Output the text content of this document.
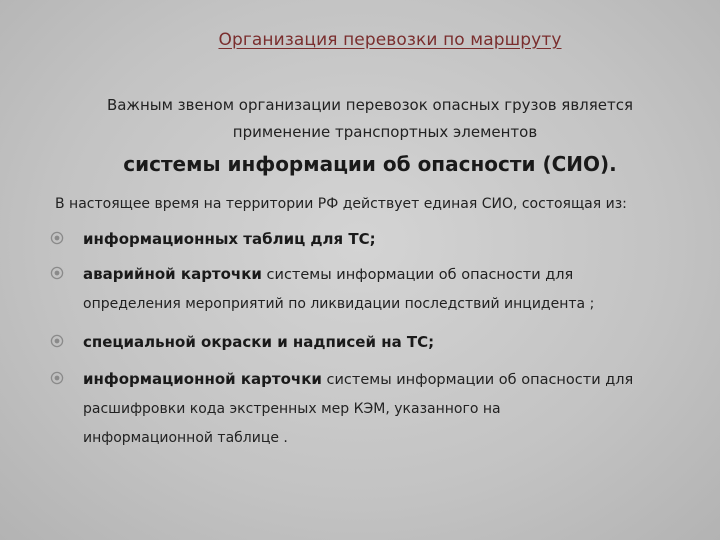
Организация перевозки по маршруту
Важным звеном организации перевозок опасных грузов является
применение транспортных элементов
системы информации об опасности (СИО).
В настоящее время на территории РФ действует единая СИО, состоящая из:
информационных таблиц для ТС;
аварийной карточки системы информации об опасности для
определения мероприятий по ликвидации последствий инцидента ;
специальной окраски и надписей на ТС;
информационной карточки системы информации об опасности для
расшифровки кода экстренных мер КЭМ, указанного на
информационной таблице .
